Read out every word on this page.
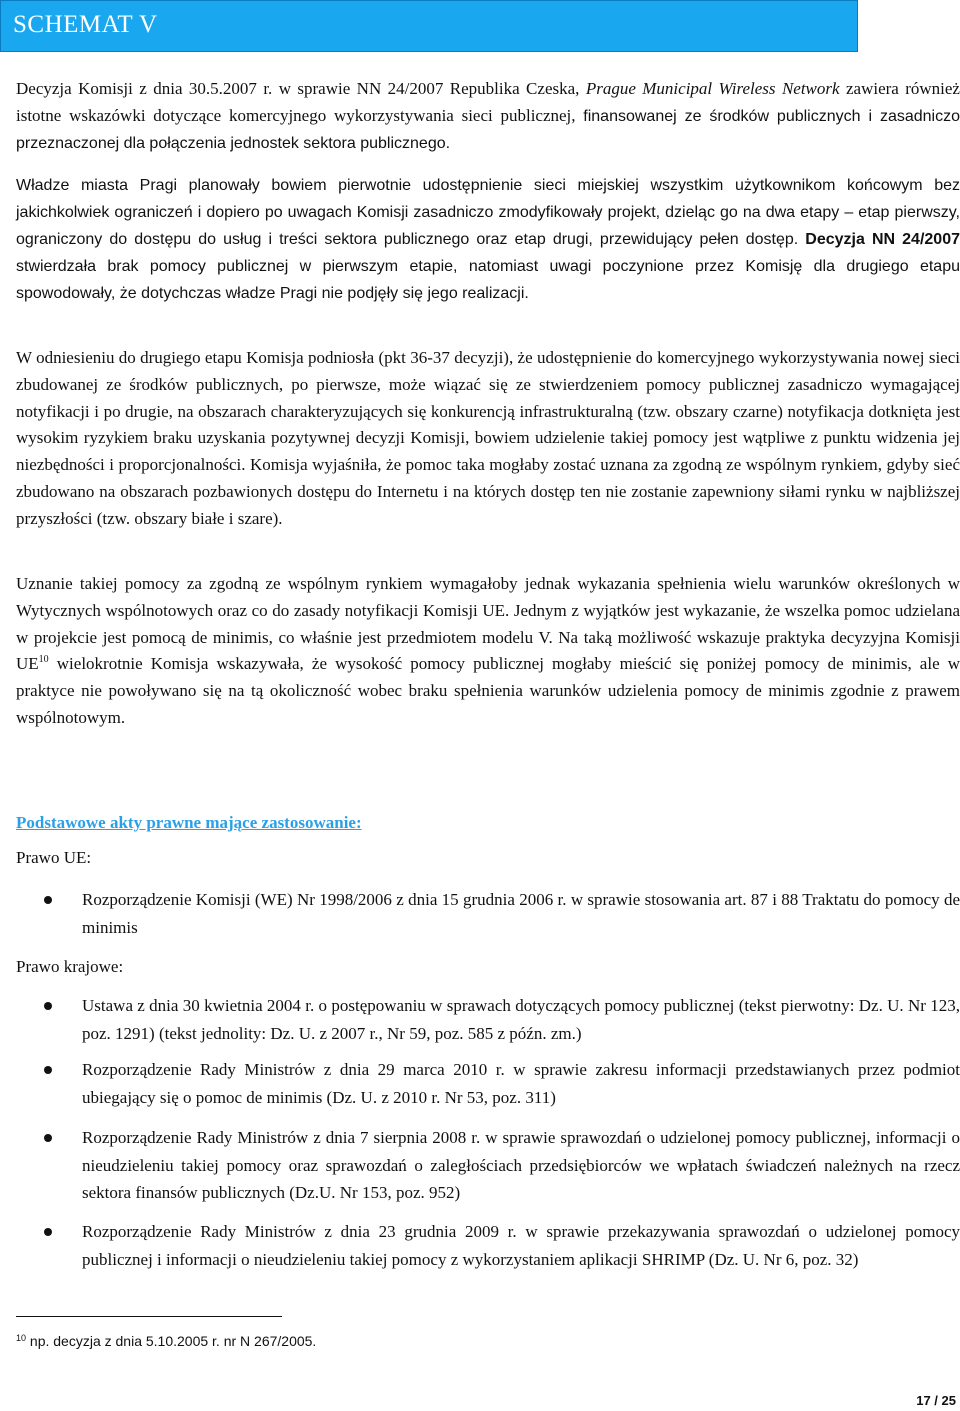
SCHEMAT V

Decyzja Komisji z dnia 30.5.2007 r. w sprawie NN 24/2007 Republika Czeska, Prague Municipal Wireless Network zawiera również istotne wskazówki dotyczące komercyjnego wykorzystywania sieci publicznej, finansowanej ze środków publicznych i zasadniczo przeznaczonej dla połączenia jednostek sektora publicznego.

Władze miasta Pragi planowały bowiem pierwotnie udostępnienie sieci miejskiej wszystkim użytkownikom końcowym bez jakichkolwiek ograniczeń i dopiero po uwagach Komisji zasadniczo zmodyfikowały projekt, dzieląc go na dwa etapy – etap pierwszy, ograniczony do dostępu do usług i treści sektora publicznego oraz etap drugi, przewidujący pełen dostęp. Decyzja NN 24/2007 stwierdzała brak pomocy publicznej w pierwszym etapie, natomiast uwagi poczynione przez Komisję dla drugiego etapu spowodowały, że dotychczas władze Pragi nie podjęły się jego realizacji.

W odniesieniu do drugiego etapu Komisja podniosła (pkt 36-37 decyzji), że udostępnienie do komercyjnego wykorzystywania nowej sieci zbudowanej ze środków publicznych, po pierwsze, może wiązać się ze stwierdzeniem pomocy publicznej zasadniczo wymagającej notyfikacji i po drugie, na obszarach charakteryzujących się konkurencją infrastrukturalną (tzw. obszary czarne) notyfikacja dotknięta jest wysokim ryzykiem braku uzyskania pozytywnej decyzji Komisji, bowiem udzielenie takiej pomocy jest wątpliwe z punktu widzenia jej niezbędności i proporcjonalności. Komisja wyjaśniła, że pomoc taka mogłaby zostać uznana za zgodną ze wspólnym rynkiem, gdyby sieć zbudowano na obszarach pozbawionych dostępu do Internetu i na których dostęp ten nie zostanie zapewniony siłami rynku w najbliższej przyszłości (tzw. obszary białe i szare).

Uznanie takiej pomocy za zgodną ze wspólnym rynkiem wymagałoby jednak wykazania spełnienia wielu warunków określonych w Wytycznych wspólnotowych oraz co do zasady notyfikacji Komisji UE. Jednym z wyjątków jest wykazanie, że wszelka pomoc udzielana w projekcie jest pomocą de minimis, co właśnie jest przedmiotem modelu V. Na taką możliwość wskazuje praktyka decyzyjna Komisji UE$^{10}$ wielokrotnie Komisja wskazywała, że wysokość pomocy publicznej mogłaby mieścić się poniżej pomocy de minimis, ale w praktyce nie powoływano się na tą okoliczność wobec braku spełnienia warunków udzielenia pomocy de minimis zgodnie z prawem wspólnotowym.

Podstawowe akty prawne mające zastosowanie:
Prawo UE:
Rozporządzenie Komisji (WE) Nr 1998/2006 z dnia 15 grudnia 2006 r. w sprawie stosowania art. 87 i 88 Traktatu do pomocy de minimis
Prawo krajowe:
Ustawa z dnia 30 kwietnia 2004 r. o postępowaniu w sprawach dotyczących pomocy publicznej (tekst pierwotny: Dz. U. Nr 123, poz. 1291) (tekst jednolity: Dz. U. z 2007 r., Nr 59, poz. 585 z późn. zm.)
Rozporządzenie Rady Ministrów z dnia 29 marca 2010 r. w sprawie zakresu informacji przedstawianych przez podmiot ubiegający się o pomoc de minimis (Dz. U. z 2010 r. Nr 53, poz. 311)
Rozporządzenie Rady Ministrów z dnia 7 sierpnia 2008 r. w sprawie sprawozdań o udzielonej pomocy publicznej, informacji o nieudzieleniu takiej pomocy oraz sprawozdań o zaległościach przedsiębiorców we wpłatach świadczeń należnych na rzecz sektora finansów publicznych (Dz.U. Nr 153, poz. 952)
Rozporządzenie Rady Ministrów z dnia 23 grudnia 2009 r. w sprawie przekazywania sprawozdań o udzielonej pomocy publicznej i informacji o nieudzieleniu takiej pomocy z wykorzystaniem aplikacji SHRIMP (Dz. U. Nr 6, poz. 32)
$^{10}$ np. decyzja z dnia 5.10.2005 r. nr N 267/2005.
17 / 25
